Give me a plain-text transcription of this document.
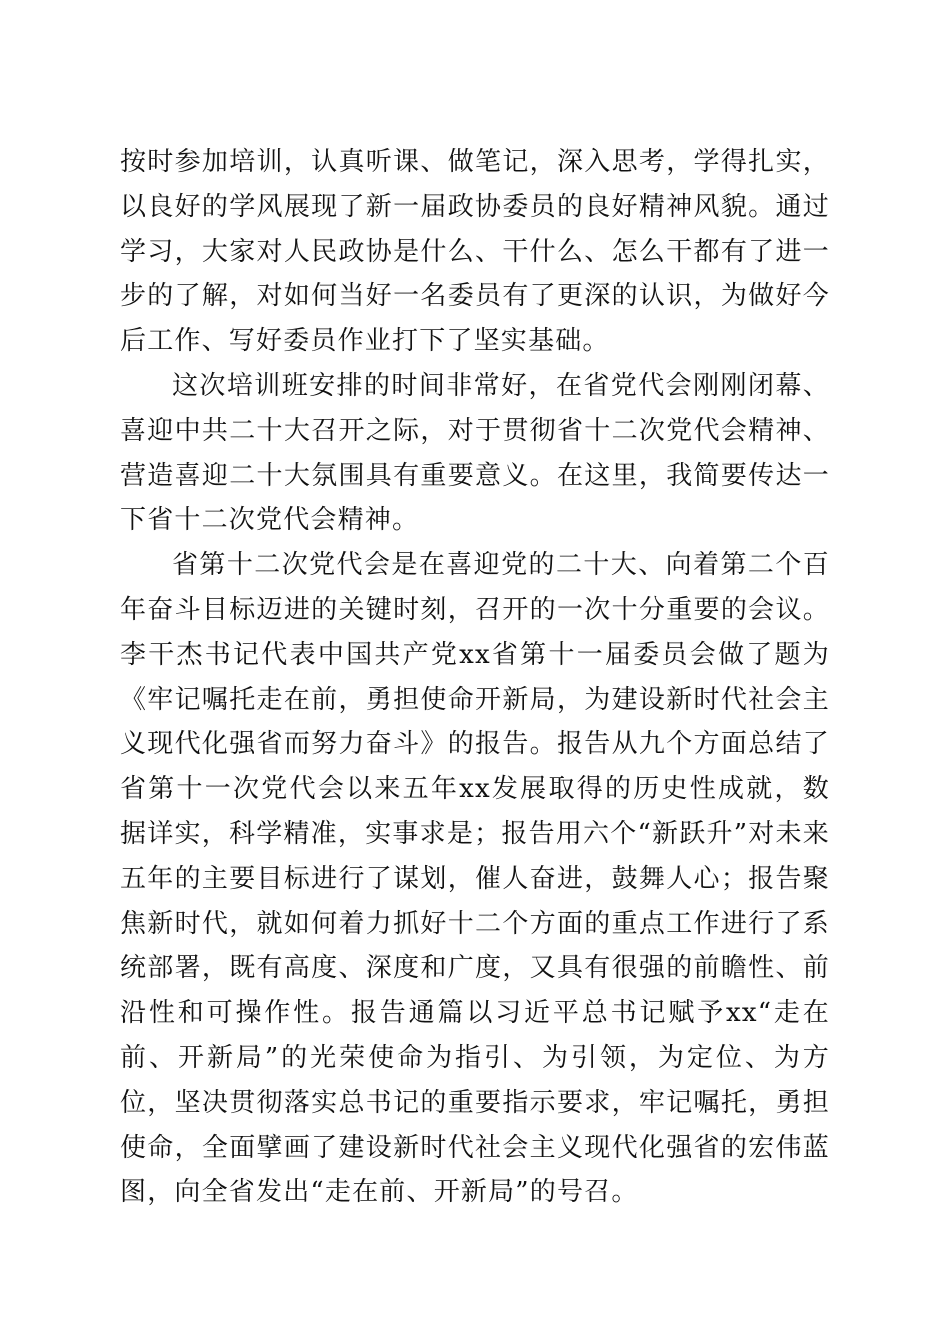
按时参加培训，认真听课、做笔记，深入思考，学得扎实，以良好的学风展现了新一届政协委员的良好精神风貌。通过学习，大家对人民政协是什么、干什么、怎么干都有了进一步的了解，对如何当好一名委员有了更深的认识，为做好今后工作、写好委员作业打下了坚实基础。

这次培训班安排的时间非常好，在省党代会刚刚闭幕、喜迎中共二十大召开之际，对于贯彻省十二次党代会精神、营造喜迎二十大氛围具有重要意义。在这里，我简要传达一下省十二次党代会精神。

省第十二次党代会是在喜迎党的二十大、向着第二个百年奋斗目标迈进的关键时刻，召开的一次十分重要的会议。李干杰书记代表中国共产党xx省第十一届委员会做了题为《牢记嘱托走在前，勇担使命开新局，为建设新时代社会主义现代化强省而努力奋斗》的报告。报告从九个方面总结了省第十一次党代会以来五年xx发展取得的历史性成就，数据详实，科学精准，实事求是；报告用六个“新跃升”对未来五年的主要目标进行了谋划，催人奋进，鼓舞人心；报告聚焦新时代，就如何着力抓好十二个方面的重点工作进行了系统部署，既有高度、深度和广度，又具有很强的前瞻性、前沿性和可操作性。报告通篇以习近平总书记赋予xx“走在前、开新局”的光荣使命为指引、为引领，为定位、为方位，坚决贯彻落实总书记的重要指示要求，牢记嘱托，勇担使命，全面擘画了建设新时代社会主义现代化强省的宏伟蓝图，向全省发出“走在前、开新局”的号召。
